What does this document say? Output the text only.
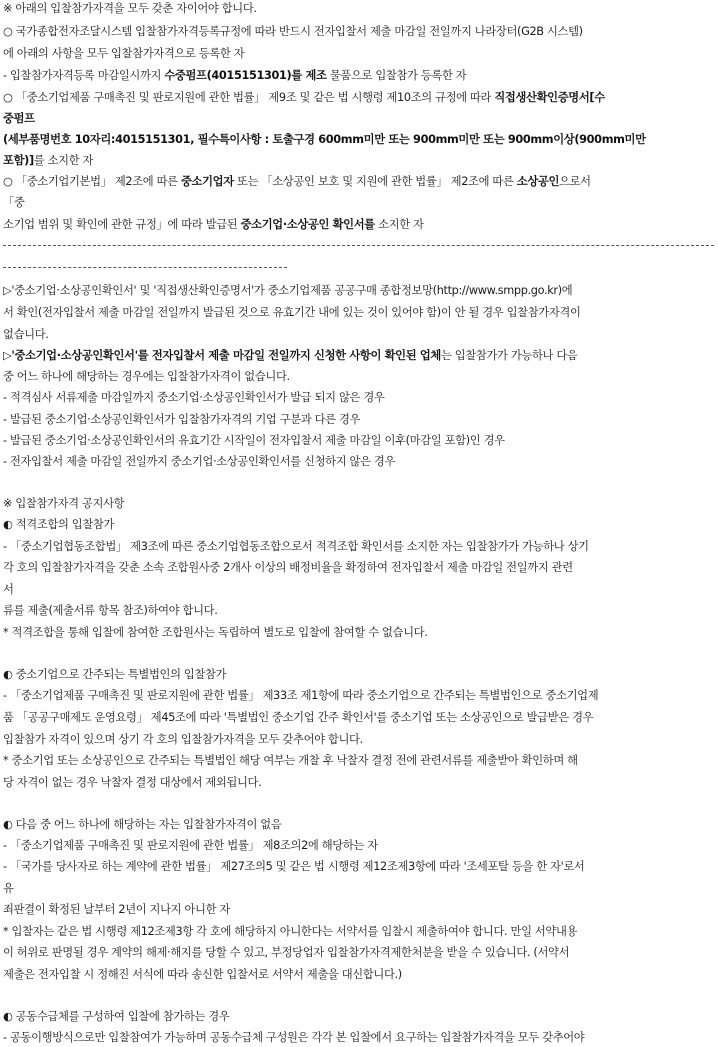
※ 아래의 입찰참가자격을 모두 갖춘 자이어야 합니다.
○ 국가종합전자조달시스템 입찰참가자격등록규정에 따라 반드시 전자입찰서 제출 마감일 전일까지 나라장터(G2B 시스템)
에 아래의 사항을 모두 입찰참가자격으로 등록한 자
- 입찰참가자격등록 마감일시까지 수중펌프(4015151301)를 제조 물품으로 입찰참가 등록한 자
○ 「중소기업제품 구매촉진 및 판로지원에 관한 법률」 제9조 및 같은 법 시행령 제10조의 규정에 따라 직접생산확인증명서[수
중펌프
(세부품명번호 10자리:4015151301, 필수특이사항 : 토출구경 600mm미만 또는 900mm미만 또는 900mm이상(900mm미만
포함)]를 소지한 자
○ 「중소기업기본법」 제2조에 따른 중소기업자 또는 「소상공인 보호 및 지원에 관한 법률」 제2조에 따른 소상공인으로서
「중
소기업 범위 및 확인에 관한 규정」에 따라 발급된 중소기업·소상공인 확인서를 소지한 자
▷'중소기업·소상공인확인서' 및 '직접생산확인증명서'가 중소기업제품 공공구매 종합정보망(http://www.smpp.go.kr)에
서 확인(전자입찰서 제출 마감일 전일까지 발급된 것으로 유효기간 내에 있는 것이 있어야 함)이 안 될 경우 입찰참가자격이
없습니다.
▷'중소기업·소상공인확인서'를 전자입찰서 제출 마감일 전일까지 신청한 사항이 확인된 업체는 입찰참가가 가능하나 다음
중 어느 하나에 해당하는 경우에는 입찰참가자격이 없습니다.
- 적격심사 서류제출 마감일까지 중소기업·소상공인확인서가 발급 되지 않은 경우
- 발급된 중소기업·소상공인확인서가 입찰참가자격의 기업 구분과 다른 경우
- 발급된 중소기업·소상공인확인서의 유효기간 시작일이 전자입찰서 제출 마감일 이후(마감일 포함)인 경우
- 전자입찰서 제출 마감일 전일까지 중소기업·소상공인확인서를 신청하지 않은 경우
※ 입찰참가자격 공지사항
◐ 적격조합의 입찰참가
- 「중소기업협동조합법」 제3조에 따른 중소기업협동조합으로서 적격조합 확인서를 소지한 자는 입찰참가가 가능하나 상기
각 호의 입찰참가자격을 갖춘 소속 조합원사중 2개사 이상의 배정비율을 확정하여 전자입찰서 제출 마감일 전일까지 관련
서
류를 제출(제출서류 항목 참조)하여야 합니다.
* 적격조합을 통해 입찰에 참여한 조합원사는 독립하여 별도로 입찰에 참여할 수 없습니다.
◐ 중소기업으로 간주되는 특별법인의 입찰참가
- 「중소기업제품 구매촉진 및 판로지원에 관한 법률」 제33조 제1항에 따라 중소기업으로 간주되는 특별법인으로 중소기업제
품 「공공구매제도 운영요령」 제45조에 따라 '특별법인 중소기업 간주 확인서'를 중소기업 또는 소상공인으로 발급받은 경우
입찰참가 자격이 있으며 상기 각 호의 입찰참가자격을 모두 갖추어야 합니다.
* 중소기업 또는 소상공인으로 간주되는 특별법인 해당 여부는 개찰 후 낙찰자 결정 전에 관련서류를 제출받아 확인하며 해
당 자격이 없는 경우 낙찰자 결정 대상에서 제외됩니다.
◐ 다음 중 어느 하나에 해당하는 자는 입찰참가자격이 없음
- 「중소기업제품 구매촉진 및 판로지원에 관한 법률」 제8조의2에 해당하는 자
- 「국가를 당사자로 하는 계약에 관한 법률」 제27조의5 및 같은 법 시행령 제12조제3항에 따라 '조세포탈 등을 한 자'로서
유
죄판결이 확정된 날부터 2년이 지나지 아니한 자
* 입찰자는 같은 법 시행령 제12조제3항 각 호에 해당하지 아니한다는 서약서를 입찰시 제출하여야 합니다. 만일 서약내용
이 허위로 판명될 경우 계약의 해제·해지를 당할 수 있고, 부정당업자 입찰참가자격제한처분을 받을 수 있습니다. (서약서
제출은 전자입찰 시 정해진 서식에 따라 송신한 입찰서로 서약서 제출을 대신합니다.)
◐ 공동수급체를 구성하여 입찰에 참가하는 경우
- 공동이행방식으로만 입찰참여가 가능하며 공동수급체 구성원은 각각 본 입찰에서 요구하는 입찰참가자격을 모두 갖추어야
